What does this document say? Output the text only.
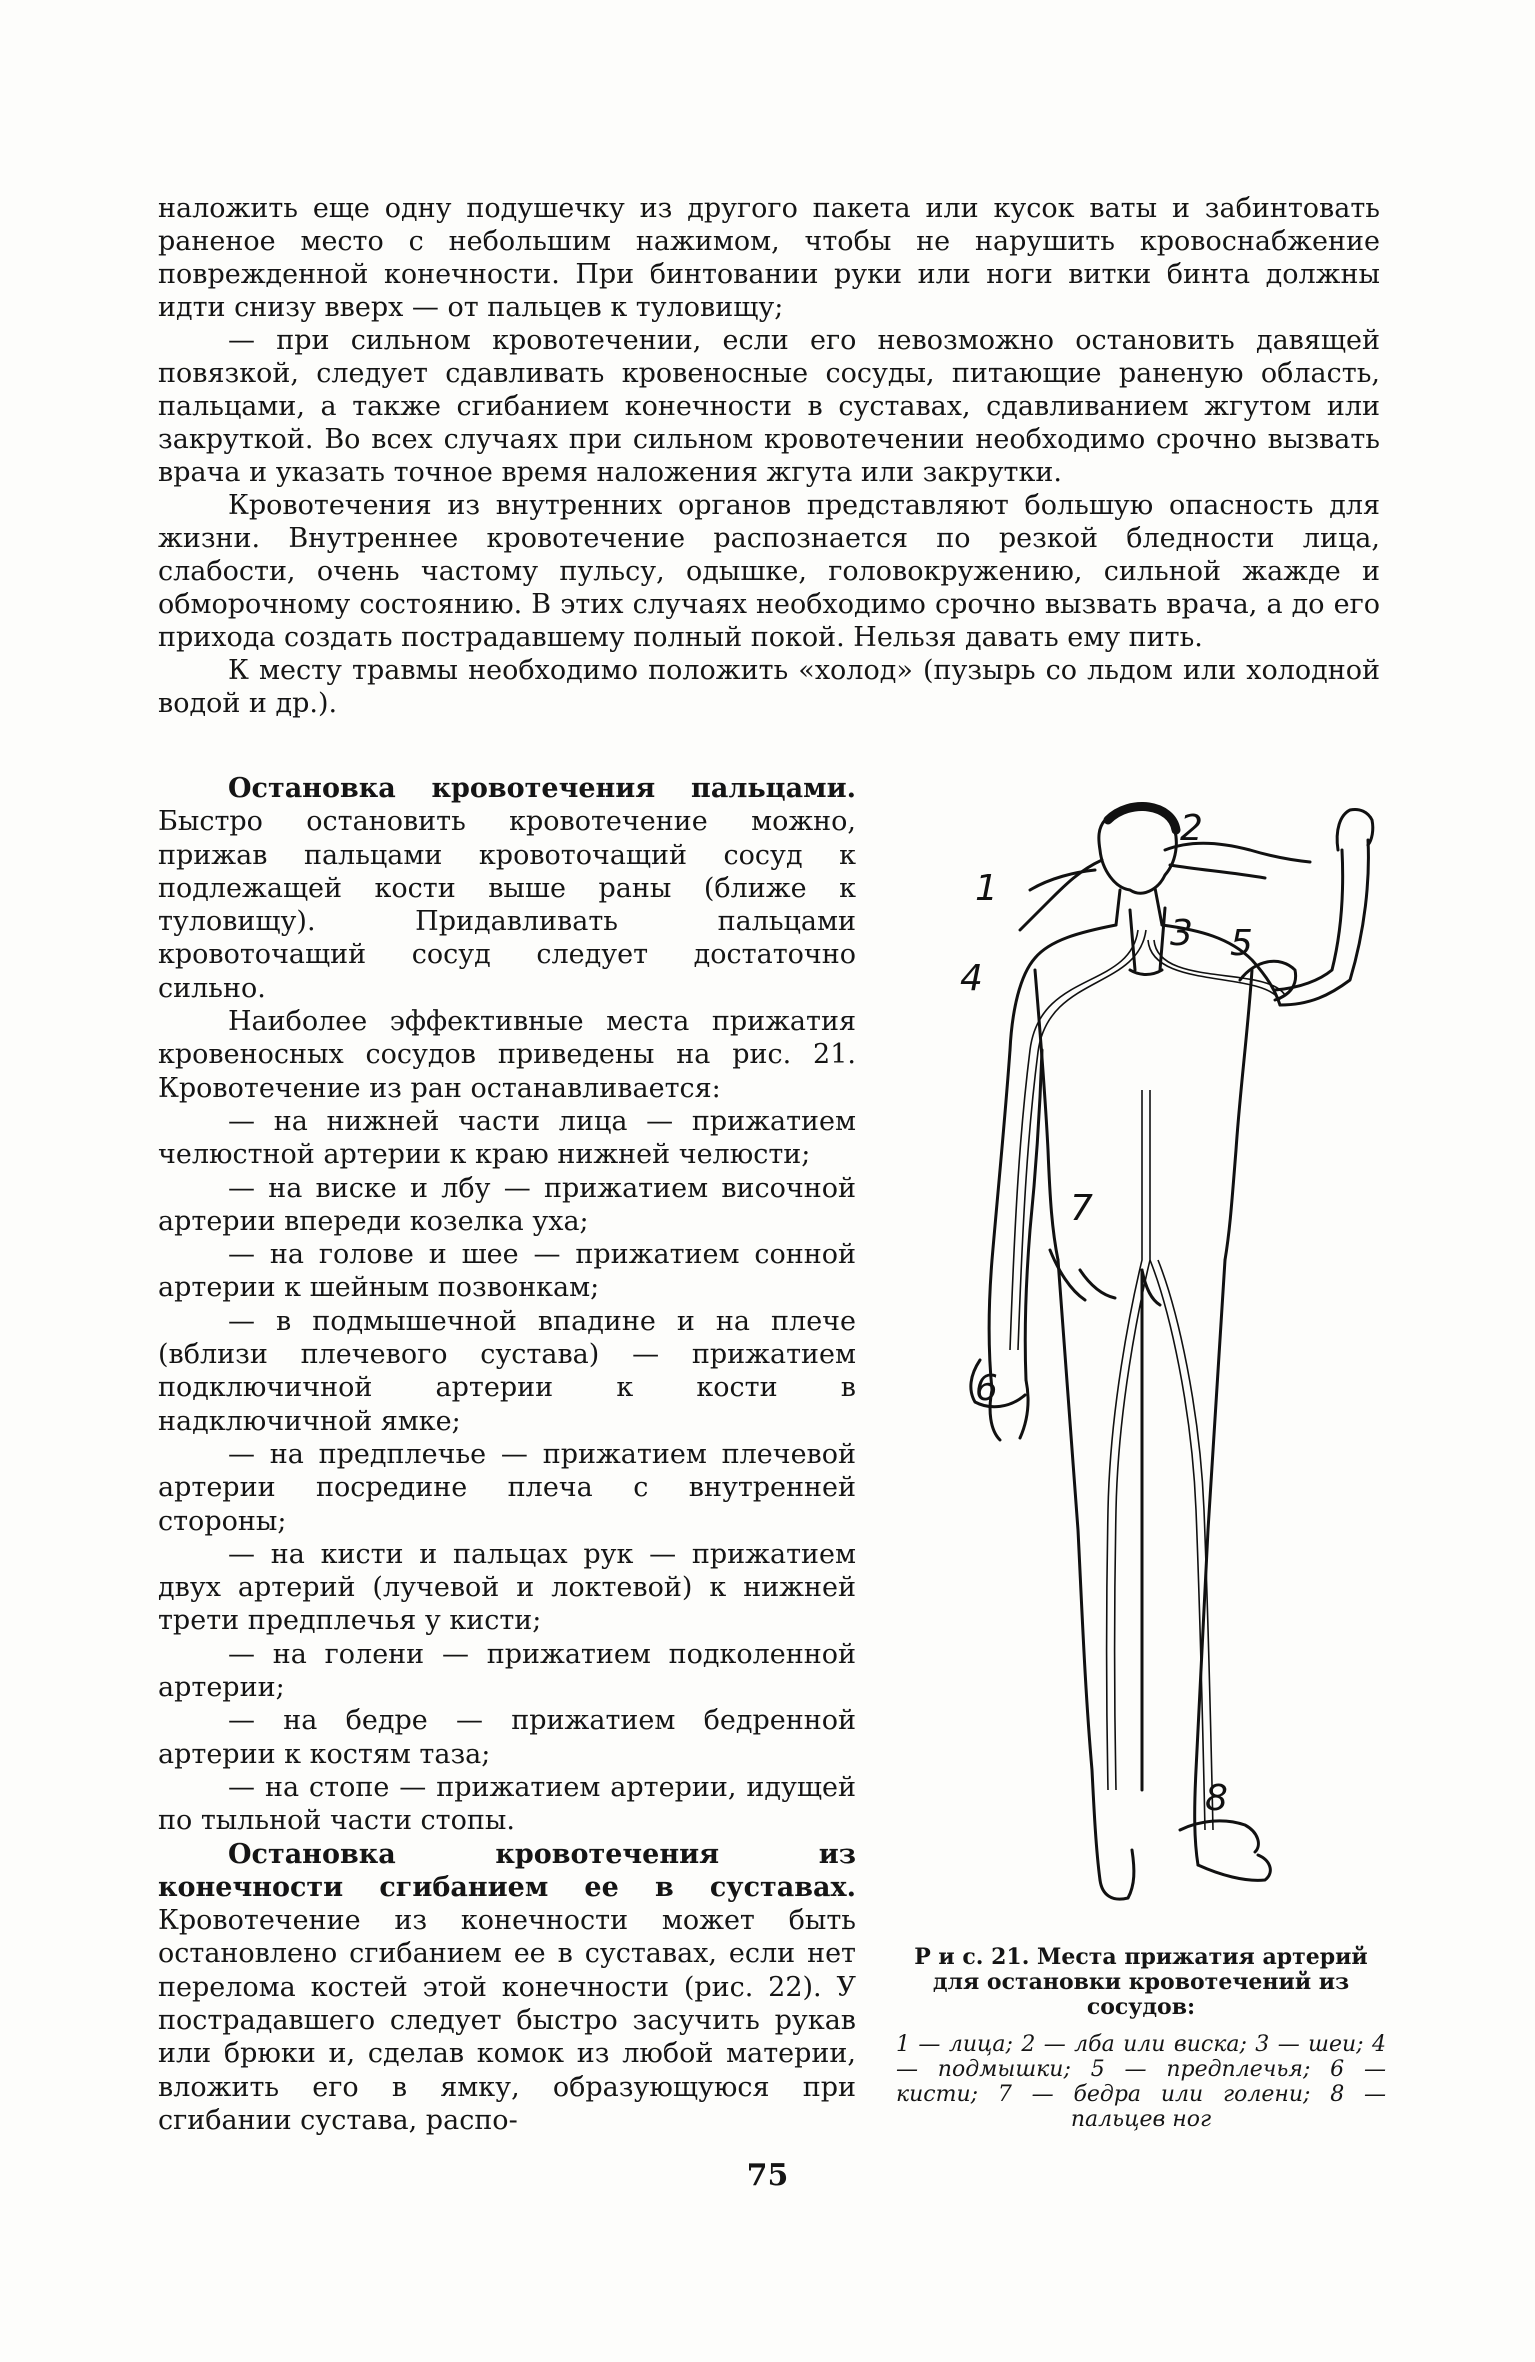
наложить еще одну подушечку из другого пакета или кусок ваты и забинтовать раненое место с небольшим нажимом, чтобы не нарушить кровоснабжение поврежденной конечности. При бинтовании руки или ноги витки бинта должны идти снизу вверх — от пальцев к туловищу;

— при сильном кровотечении, если его невозможно остановить давящей повязкой, следует сдавливать кровеносные сосуды, питающие раненую область, пальцами, а также сгибанием конечности в суставах, сдавливанием жгутом или закруткой. Во всех случаях при сильном кровотечении необходимо срочно вызвать врача и указать точное время наложения жгута или закрутки.

Кровотечения из внутренних органов представляют большую опасность для жизни. Внутреннее кровотечение распознается по резкой бледности лица, слабости, очень частому пульсу, одышке, головокружению, сильной жажде и обморочному состоянию. В этих случаях необходимо срочно вызвать врача, а до его прихода создать пострадавшему полный покой. Нельзя давать ему пить.

К месту травмы необходимо положить «холод» (пузырь со льдом или холодной водой и др.).

Остановка кровотечения пальцами. Быстро остановить кровотечение можно, прижав пальцами кровоточащий сосуд к подлежащей кости выше раны (ближе к туловищу). Придавливать пальцами кровоточащий сосуд следует достаточно сильно.

Наиболее эффективные места прижатия кровеносных сосудов приведены на рис. 21. Кровотечение из ран останавливается:

— на нижней части лица — прижатием челюстной артерии к краю нижней челюсти;

— на виске и лбу — прижатием височной артерии впереди козелка уха;

— на голове и шее — прижатием сонной артерии к шейным позвонкам;

— в подмышечной впадине и на плече (вблизи плечевого сустава) — прижатием подключичной артерии к кости в надключичной ямке;

— на предплечье — прижатием плечевой артерии посредине плеча с внутренней стороны;

— на кисти и пальцах рук — прижатием двух артерий (лучевой и локтевой) к нижней трети предплечья у кисти;

— на голени — прижатием подколенной артерии;

— на бедре — прижатием бедренной артерии к костям таза;

— на стопе — прижатием артерии, идущей по тыльной части стопы.

Остановка кровотечения из конечности сгибанием ее в суставах. Кровотечение из конечности может быть остановлено сгибанием ее в суставах, если нет перелома костей этой конечности (рис. 22). У пострадавшего следует быстро засучить рукав или брюки и, сделав комок из любой материи, вложить его в ямку, образующуюся при сгибании сустава, распо-

1
2
3
4
5
6
7
8
Р и с. 21. Места прижатия артерий для остановки кровотечений из сосудов:
1 — лица; 2 — лба или виска; 3 — шеи; 4 — подмышки; 5 — предплечья; 6 — кисти; 7 — бедра или голени; 8 — пальцев ног
75
